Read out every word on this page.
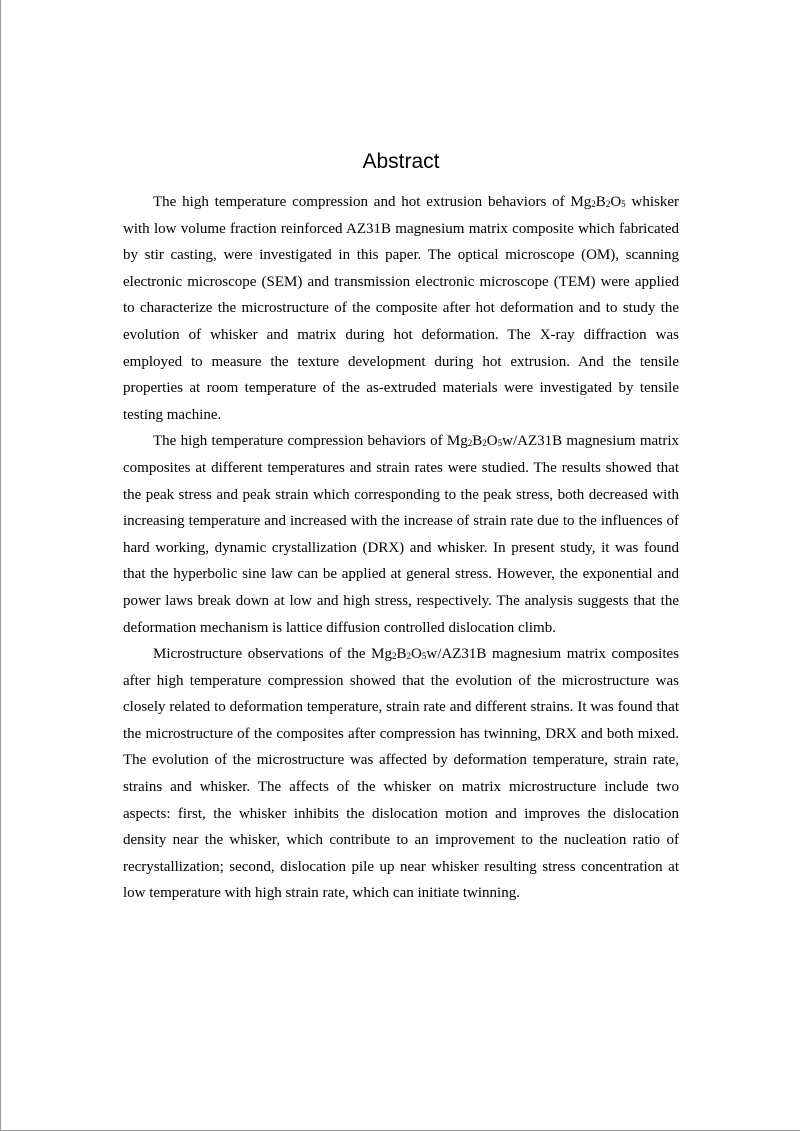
Abstract

The high temperature compression and hot extrusion behaviors of $Mg_2B_2O_5$ whisker with low volume fraction reinforced AZ31B magnesium matrix composite which fabricated by stir casting, were investigated in this paper. The optical microscope (OM), scanning electronic microscope (SEM) and transmission electronic microscope (TEM) were applied to characterize the microstructure of the composite after hot deformation and to study the evolution of whisker and matrix during hot deformation. The X-ray diffraction was employed to measure the texture development during hot extrusion. And the tensile properties at room temperature of the as-extruded materials were investigated by tensile testing machine.

The high temperature compression behaviors of $Mg_2B_2O_5w/AZ31B$ magnesium matrix composites at different temperatures and strain rates were studied. The results showed that the peak stress and peak strain which corresponding to the peak stress, both decreased with increasing temperature and increased with the increase of strain rate due to the influences of hard working, dynamic crystallization (DRX) and whisker. In present study, it was found that the hyperbolic sine law can be applied at general stress. However, the exponential and power laws break down at low and high stress, respectively. The analysis suggests that the deformation mechanism is lattice diffusion controlled dislocation climb.

Microstructure observations of the $Mg_2B_2O_5w/AZ31B$ magnesium matrix composites after high temperature compression showed that the evolution of the microstructure was closely related to deformation temperature, strain rate and different strains. It was found that the microstructure of the composites after compression has twinning, DRX and both mixed. The evolution of the microstructure was affected by deformation temperature, strain rate, strains and whisker. The affects of the whisker on matrix microstructure include two aspects: first, the whisker inhibits the dislocation motion and improves the dislocation density near the whisker, which contribute to an improvement to the nucleation ratio of recrystallization; second, dislocation pile up near whisker resulting stress concentration at low temperature with high strain rate, which can initiate twinning.
